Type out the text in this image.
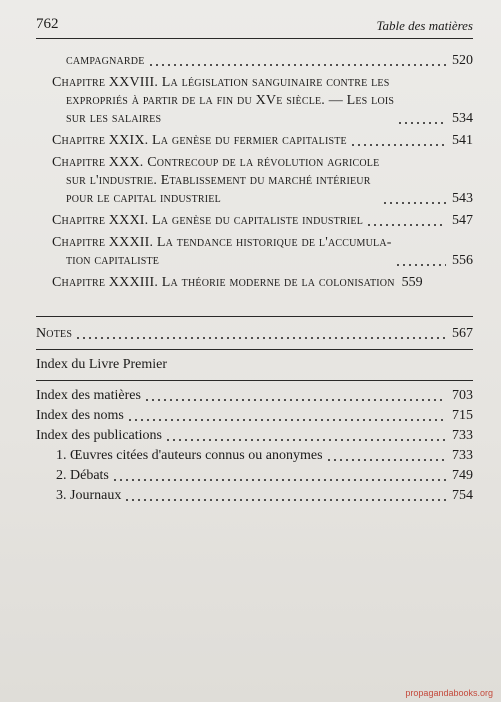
762	Table des matières
campagnarde	520
Chapitre XXVIII. La législation sanguinaire contre les
expropriés à partir de la fin du XVe siècle. — Les lois
sur les salaires	534
Chapitre XXIX. La genèse du fermier capitaliste	541
Chapitre XXX. Contrecoup de la révolution agricole
sur l'industrie. Etablissement du marché intérieur
pour le capital industriel	543
Chapitre XXXI. La genèse du capitaliste industriel	547
Chapitre XXXII. La tendance historique de l'accumula-
tion capitaliste	556
Chapitre XXXIII. La théorie moderne de la colonisation 559
Notes	567
Index du Livre Premier
Index des matières	703
Index des noms	715
Index des publications	733
1. Œuvres citées d'auteurs connus ou anonymes	733
2. Débats	749
3. Journaux	754
propagandabooks.org
